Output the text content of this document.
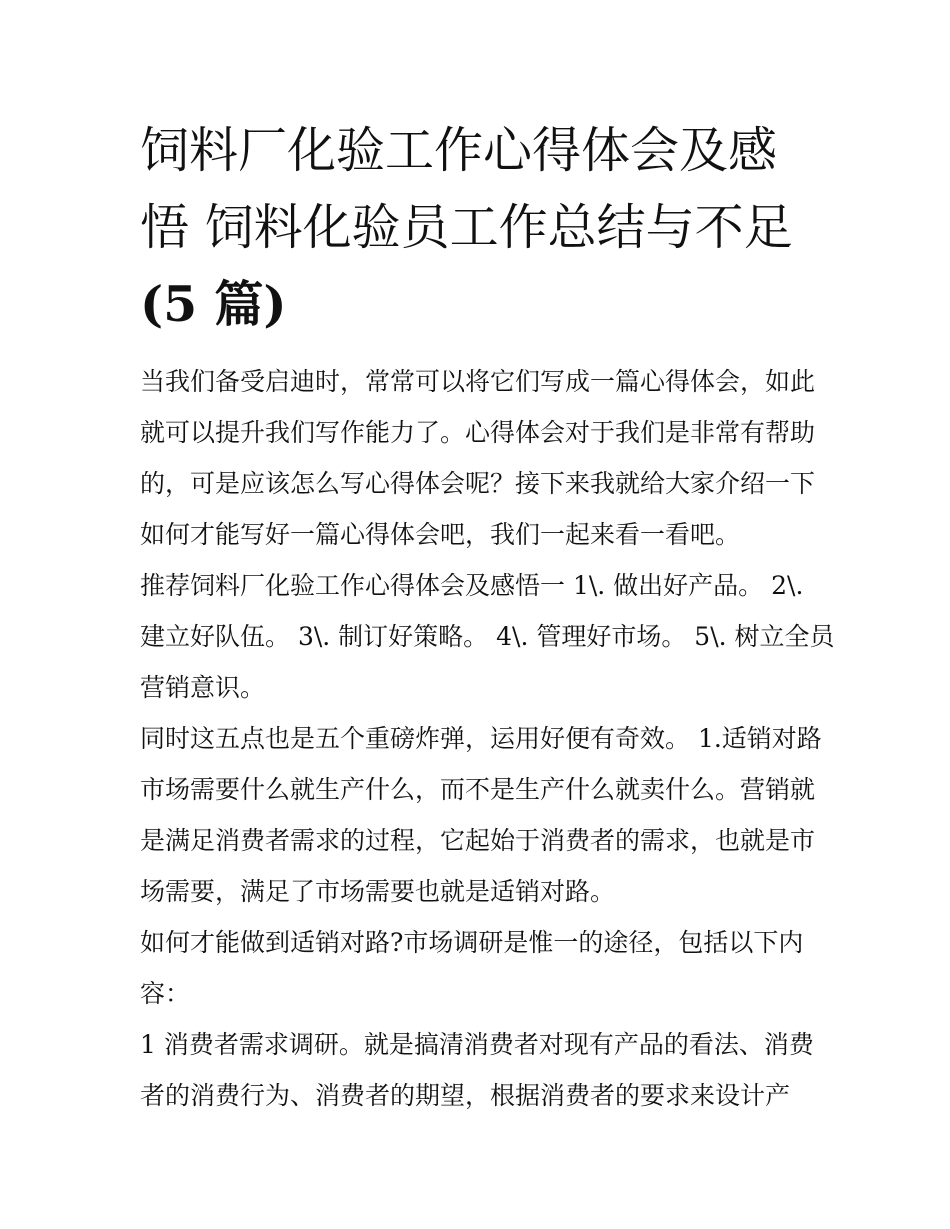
饲料厂化验工作心得体会及感
悟 饲料化验员工作总结与不足
(5 篇)
当我们备受启迪时，常常可以将它们写成一篇心得体会，如此
就可以提升我们写作能力了。心得体会对于我们是非常有帮助
的，可是应该怎么写心得体会呢？接下来我就给大家介绍一下
如何才能写好一篇心得体会吧，我们一起来看一看吧。
推荐饲料厂化验工作心得体会及感悟一 1\. 做出好产品。 2\.
建立好队伍。 3\. 制订好策略。 4\. 管理好市场。 5\. 树立全员
营销意识。
同时这五点也是五个重磅炸弹，运用好便有奇效。 1.适销对路
市场需要什么就生产什么，而不是生产什么就卖什么。营销就
是满足消费者需求的过程，它起始于消费者的需求，也就是市
场需要，满足了市场需要也就是适销对路。
如何才能做到适销对路?市场调研是惟一的途径，包括以下内
容：
1 消费者需求调研。就是搞清消费者对现有产品的看法、消费
者的消费行为、消费者的期望，根据消费者的要求来设计产
